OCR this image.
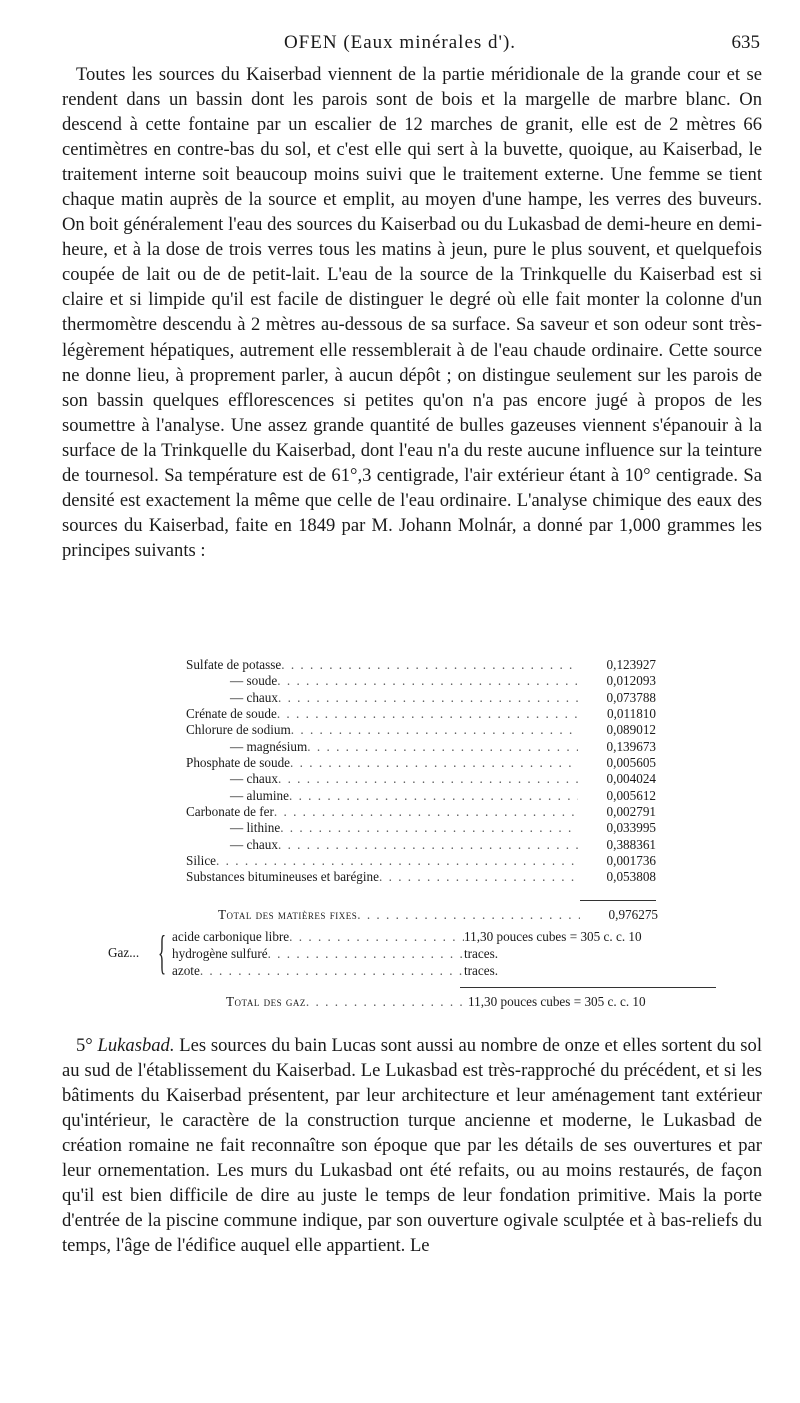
OFEN (Eaux minérales d').	635

Toutes les sources du Kaiserbad viennent de la partie méridionale de la grande cour et se rendent dans un bassin dont les parois sont de bois et la margelle de marbre blanc. On descend à cette fontaine par un escalier de 12 marches de granit, elle est de 2 mètres 66 centimètres en contre-bas du sol, et c'est elle qui sert à la buvette, quoique, au Kaiserbad, le traitement interne soit beaucoup moins suivi que le traitement externe. Une femme se tient chaque matin auprès de la source et emplit, au moyen d'une hampe, les verres des buveurs. On boit généralement l'eau des sources du Kaiserbad ou du Lukasbad de demi-heure en demi-heure, et à la dose de trois verres tous les matins à jeun, pure le plus souvent, et quelquefois coupée de lait ou de de petit-lait. L'eau de la source de la Trinkquelle du Kaiserbad est si claire et si limpide qu'il est facile de distinguer le degré où elle fait monter la colonne d'un thermomètre descendu à 2 mètres au-dessous de sa surface. Sa saveur et son odeur sont très-légèrement hépatiques, autrement elle ressemblerait à de l'eau chaude ordinaire. Cette source ne donne lieu, à proprement parler, à aucun dépôt ; on distingue seulement sur les parois de son bassin quelques efflorescences si petites qu'on n'a pas encore jugé à propos de les soumettre à l'analyse. Une assez grande quantité de bulles gazeuses viennent s'épanouir à la surface de la Trinkquelle du Kaiserbad, dont l'eau n'a du reste aucune influence sur la teinture de tournesol. Sa température est de 61°,3 centigrade, l'air extérieur étant à 10° centigrade. Sa densité est exactement la même que celle de l'eau ordinaire. L'analyse chimique des eaux des sources du Kaiserbad, faite en 1849 par M. Johann Molnár, a donné par 1,000 grammes les principes suivants :

Sulfate de potasse . . .	0,123927
— soude . . .	0,012093
— chaux . . .	0,073788
Crénate de soude . . .	0,011810
Chlorure de sodium . . .	0,089012
— magnésium . . .	0,139673
Phosphate de soude . . .	0,005605
— chaux . . .	0,004024
— alumine . . .	0,005612
Carbonate de fer . . .	0,002791
— lithine . . .	0,033995
— chaux . . .	0,388361
Silice . . .	0,001736
Substances bitumineuses et barégine . . .	0,053808
Total des matières fixes . . .	0,976275
Gaz... { acide carbonique libre . . .	11,30 pouces cubes = 305 c. c. 10
hydrogène sulfuré . . .	traces.
azote . . .	traces.
Total des gaz . . .	11,30 pouces cubes = 305 c. c. 10

5° Lukasbad. Les sources du bain Lucas sont aussi au nombre de onze et elles sortent du sol au sud de l'établissement du Kaiserbad. Le Lukasbad est très-rapproché du précédent, et si les bâtiments du Kaiserbad présentent, par leur architecture et leur aménagement tant extérieur qu'intérieur, le caractère de la construction turque ancienne et moderne, le Lukasbad de création romaine ne fait reconnaître son époque que par les détails de ses ouvertures et par leur ornementation. Les murs du Lukasbad ont été refaits, ou au moins restaurés, de façon qu'il est bien difficile de dire au juste le temps de leur fondation primitive. Mais la porte d'entrée de la piscine commune indique, par son ouverture ogivale sculptée et à bas-reliefs du temps, l'âge de l'édifice auquel elle appartient. Le
